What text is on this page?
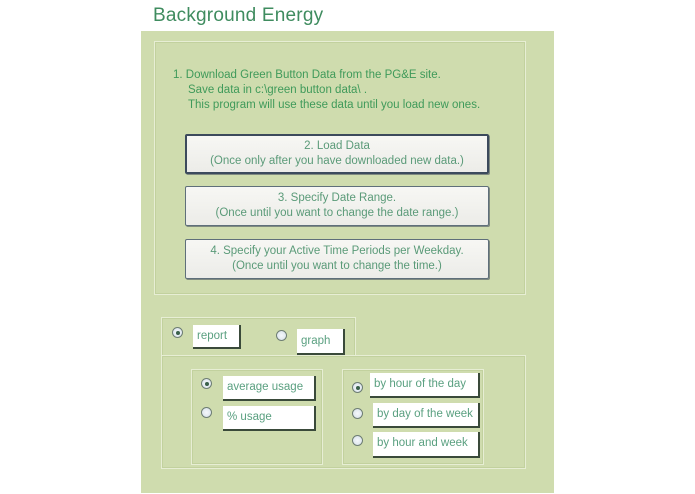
Background Energy
1. Download Green Button Data from the PG&E site.
Save data in c:\green button data\ .
This program will use these data until you load new ones.
2. Load Data
(Once only after you have downloaded new data.)
3. Specify Date Range.
(Once until you want to change the date range.)
4. Specify your Active Time Periods per Weekday.
(Once until you want to change the time.)
report	graph
average usage
% usage
by hour of the day
by day of the week
by hour and week
